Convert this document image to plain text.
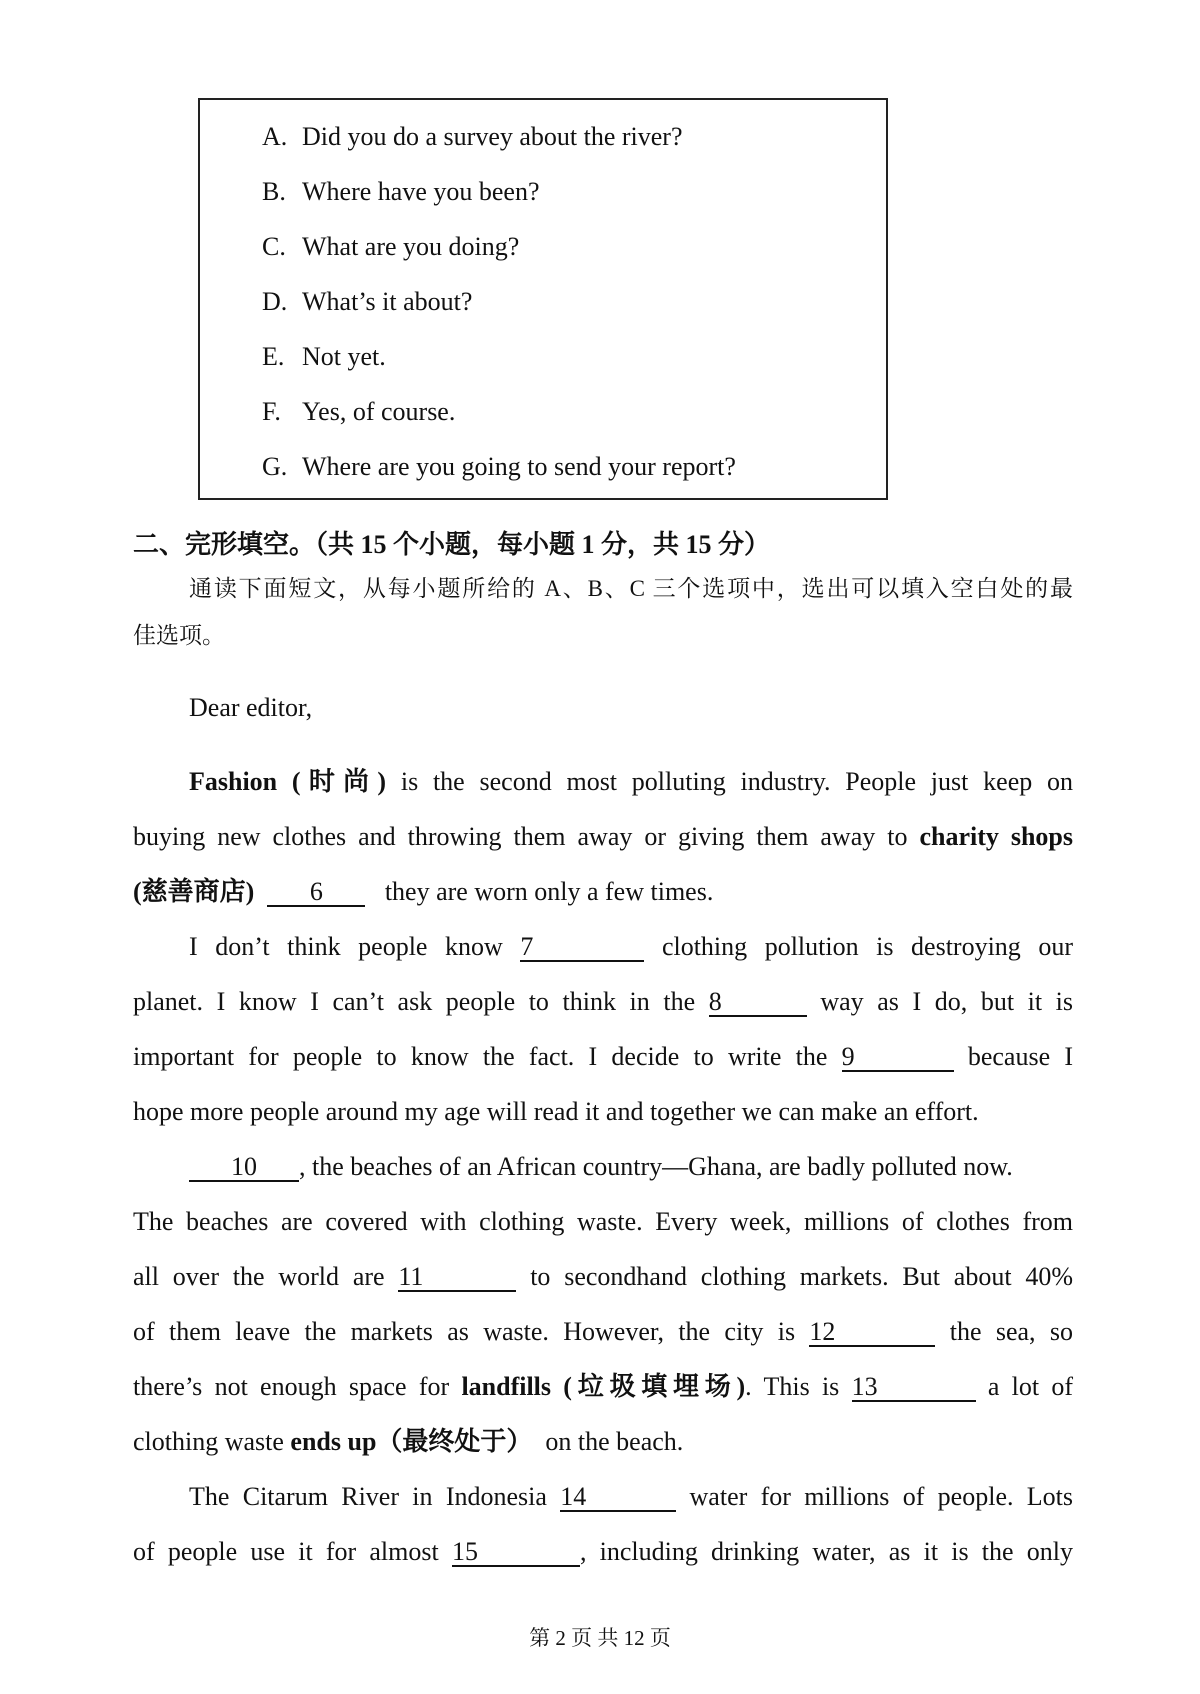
A. Did you do a survey about the river?
B. Where have you been?
C. What are you doing?
D. What’s it about?
E. Not yet.
F. Yes, of course.
G. Where are you going to send your report?
二、完形填空。（共 15 个小题，每小题 1 分，共 15 分）
通读下面短文，从每小题所给的 A、B、C 三个选项中，选出可以填入空白处的最
佳选项。
Dear editor,
Fashion (时尚) is the second most polluting industry. People just keep on
buying new clothes and throwing them away or giving them away to charity shops
(慈善商店) 6 they are worn only a few times.
I don’t think people know 7	clothing pollution is destroying our
planet. I know I can’t ask people to think in the 8	way as I do, but it is
important for people to know the fact. I decide to write the 9	because I
hope more people around my age will read it and together we can make an effort.
10 , the beaches of an African country—Ghana, are badly polluted now.
The beaches are covered with clothing waste. Every week, millions of clothes from
all over the world are 11	to secondhand clothing markets. But about 40%
of them leave the markets as waste. However, the city is 12	the sea, so
there’s not enough space for landfills (垃圾填埋场). This is 13	a lot of
clothing waste ends up（最终处于） on the beach.
The Citarum River in Indonesia 14	water for millions of people. Lots
of people use it for almost 15	, including drinking water, as it is the only
第 2 页 共 12 页
